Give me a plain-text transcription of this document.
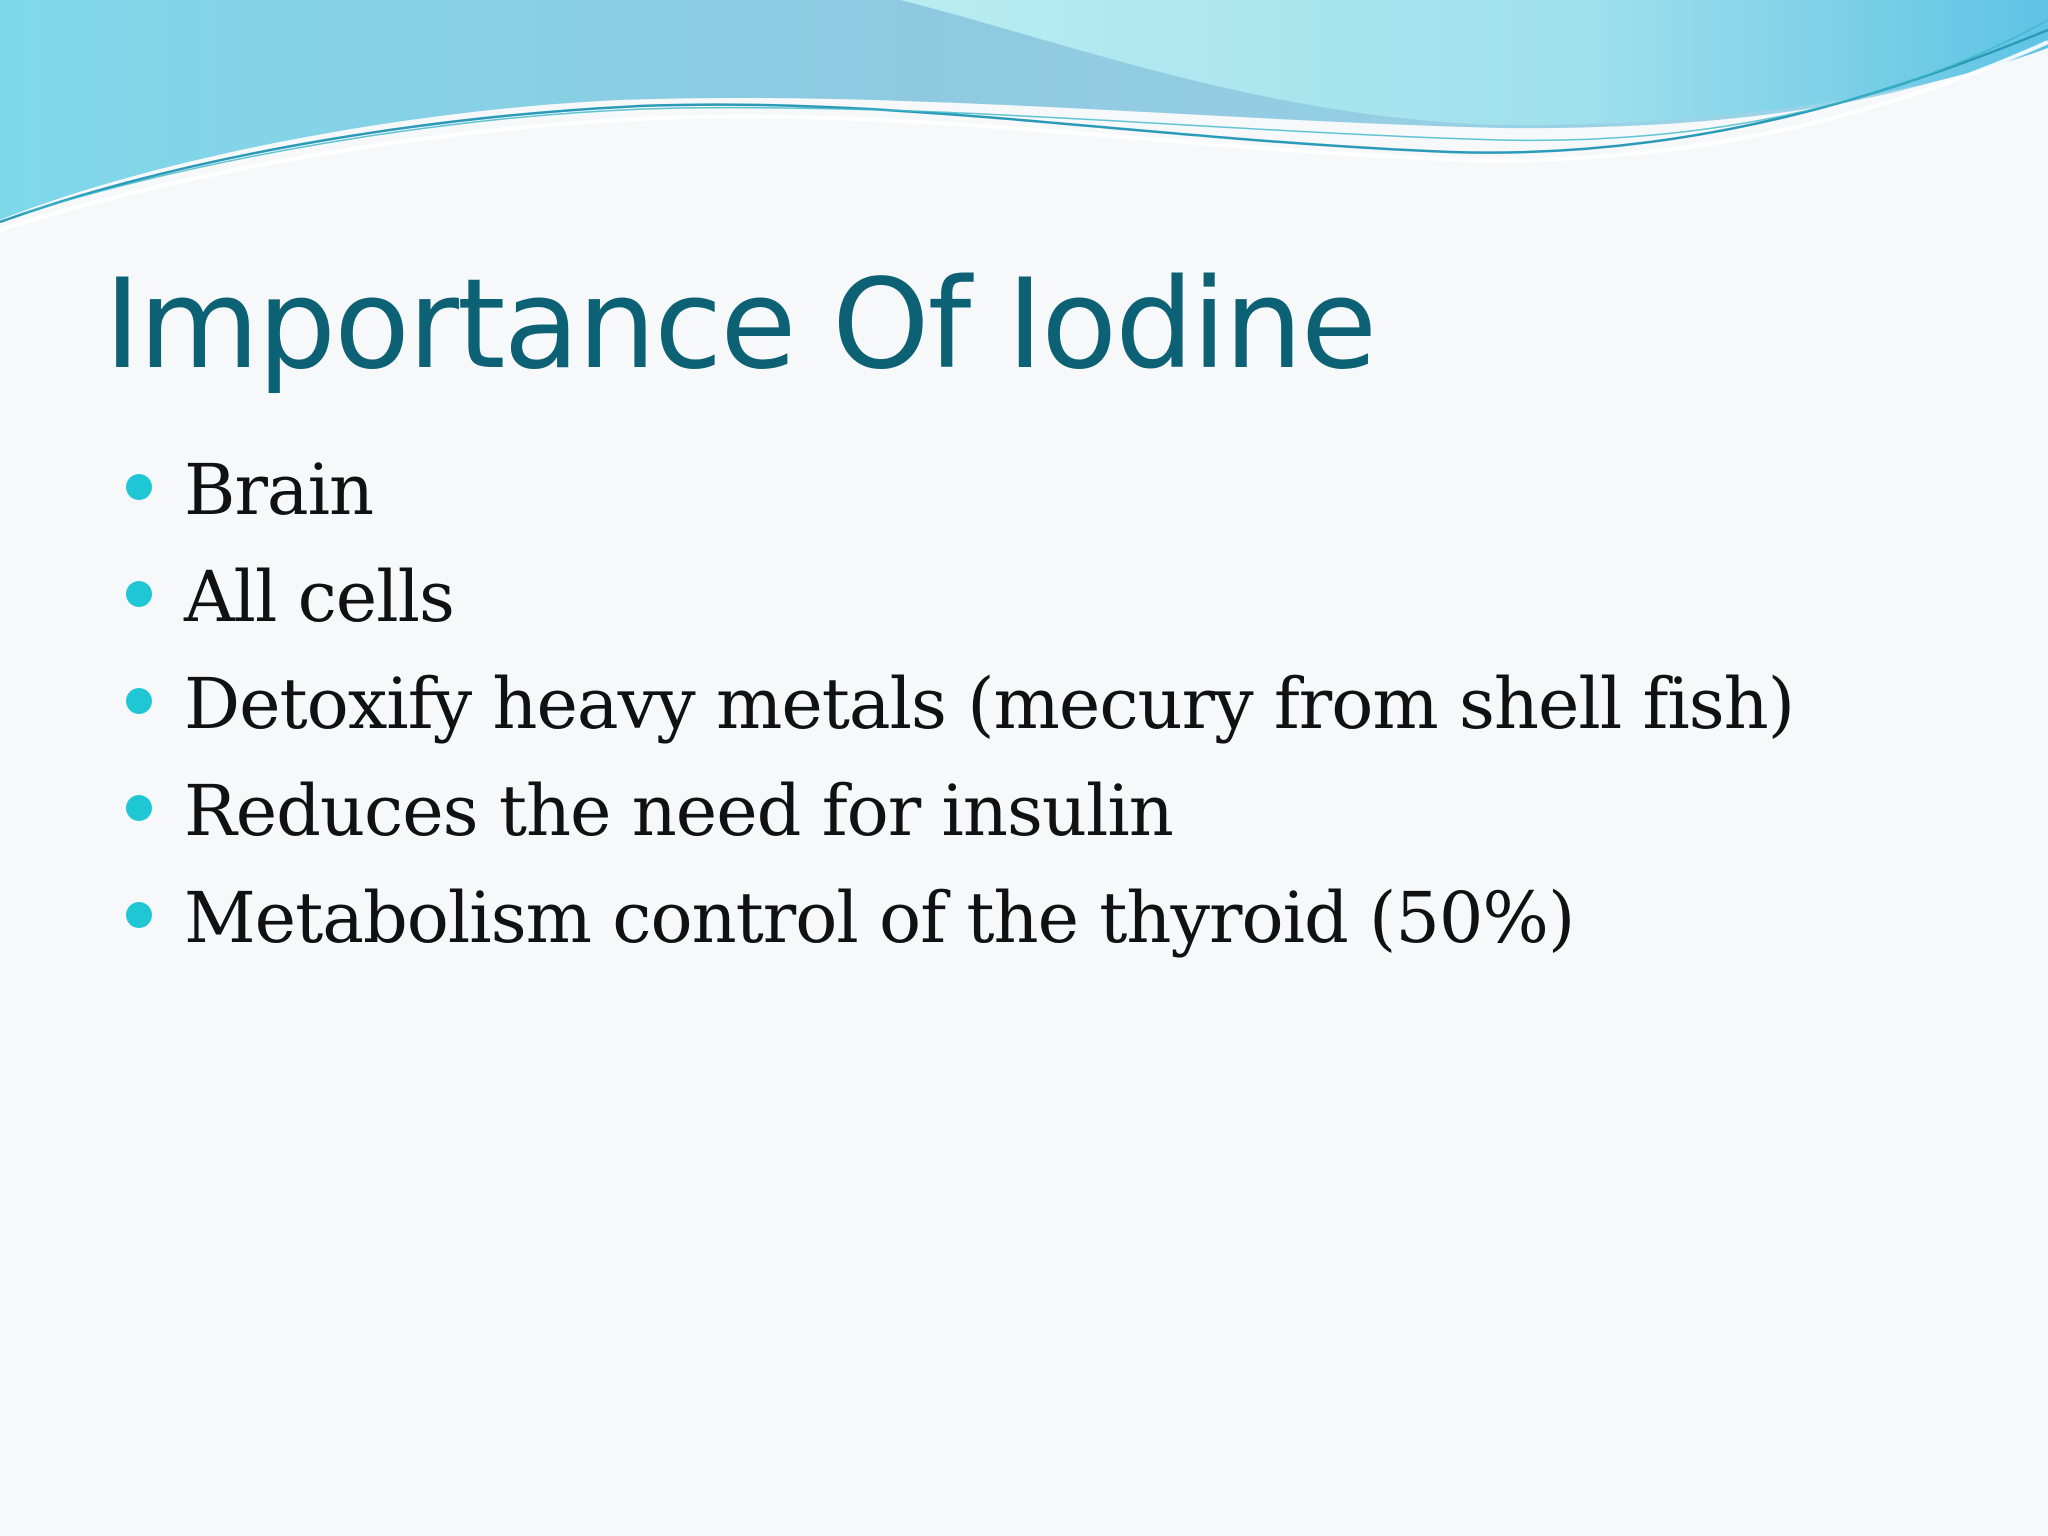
Importance Of Iodine
Brain
All cells
Detoxify heavy metals (mecury from shell fish)
Reduces the need for insulin
Metabolism control of the thyroid (50%)
